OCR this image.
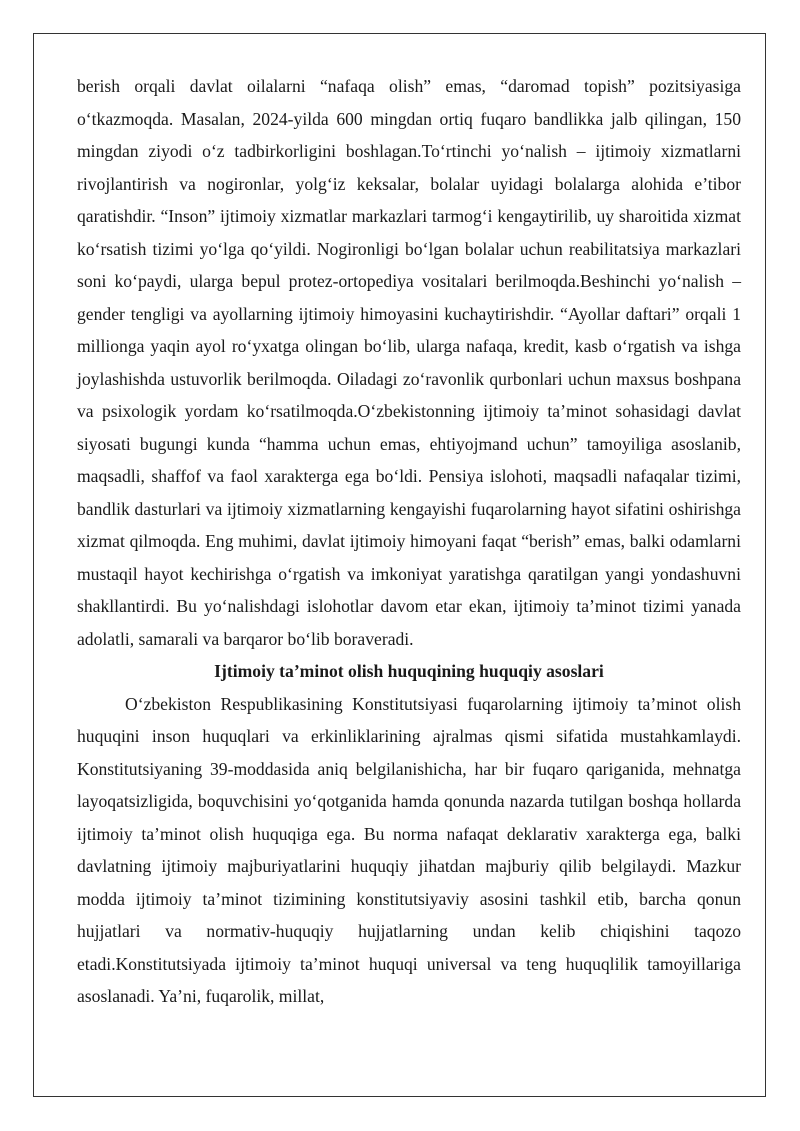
berish orqali davlat oilalarni “nafaqa olish” emas, “daromad topish” pozitsiyasiga o‘tkazmoqda. Masalan, 2024-yilda 600 mingdan ortiq fuqaro bandlikka jalb qilingan, 150 mingdan ziyodi o‘z tadbirkorligini boshlagan.To‘rtinchi yo‘nalish – ijtimoiy xizmatlarni rivojlantirish va nogironlar, yolg‘iz keksalar, bolalar uyidagi bolalarga alohida e’tibor qaratishdir. “Inson” ijtimoiy xizmatlar markazlari tarmog‘i kengaytirilib, uy sharoitida xizmat ko‘rsatish tizimi yo‘lga qo‘yildi. Nogironligi bo‘lgan bolalar uchun reabilitatsiya markazlari soni ko‘paydi, ularga bepul protez-ortopediya vositalari berilmoqda.Beshinchi yo‘nalish – gender tengligi va ayollarning ijtimoiy himoyasini kuchaytirishdir. “Ayollar daftari” orqali 1 millionga yaqin ayol ro‘yxatga olingan bo‘lib, ularga nafaqa, kredit, kasb o‘rgatish va ishga joylashishda ustuvorlik berilmoqda. Oiladagi zo‘ravonlik qurbonlari uchun maxsus boshpana va psixologik yordam ko‘rsatilmoqda.O‘zbekistonning ijtimoiy ta’minot sohasidagi davlat siyosati bugungi kunda “hamma uchun emas, ehtiyojmand uchun” tamoyiliga asoslanib, maqsadli, shaffof va faol xarakterga ega bo‘ldi. Pensiya islohoti, maqsadli nafaqalar tizimi, bandlik dasturlari va ijtimoiy xizmatlarning kengayishi fuqarolarning hayot sifatini oshirishga xizmat qilmoqda. Eng muhimi, davlat ijtimoiy himoyani faqat “berish” emas, balki odamlarni mustaqil hayot kechirishga o‘rgatish va imkoniyat yaratishga qaratilgan yangi yondashuvni shakllantirdi. Bu yo‘nalishdagi islohotlar davom etar ekan, ijtimoiy ta’minot tizimi yanada adolatli, samarali va barqaror bo‘lib boraveradi.

Ijtimoiy ta’minot olish huquqining huquqiy asoslari

O‘zbekiston Respublikasining Konstitutsiyasi fuqarolarning ijtimoiy ta’minot olish huquqini inson huquqlari va erkinliklarining ajralmas qismi sifatida mustahkamlaydi. Konstitutsiyaning 39-moddasida aniq belgilanishicha, har bir fuqaro qariganida, mehnatga layoqatsizligida, boquvchisini yo‘qotganida hamda qonunda nazarda tutilgan boshqa hollarda ijtimoiy ta’minot olish huquqiga ega. Bu norma nafaqat deklarativ xarakterga ega, balki davlatning ijtimoiy majburiyatlarini huquqiy jihatdan majburiy qilib belgilaydi. Mazkur modda ijtimoiy ta’minot tizimining konstitutsiyaviy asosini tashkil etib, barcha qonun hujjatlari va normativ-huquqiy hujjatlarning undan kelib chiqishini taqozo etadi.Konstitutsiyada ijtimoiy ta’minot huquqi universal va teng huquqlilik tamoyillariga asoslanadi. Ya’ni, fuqarolik, millat,
